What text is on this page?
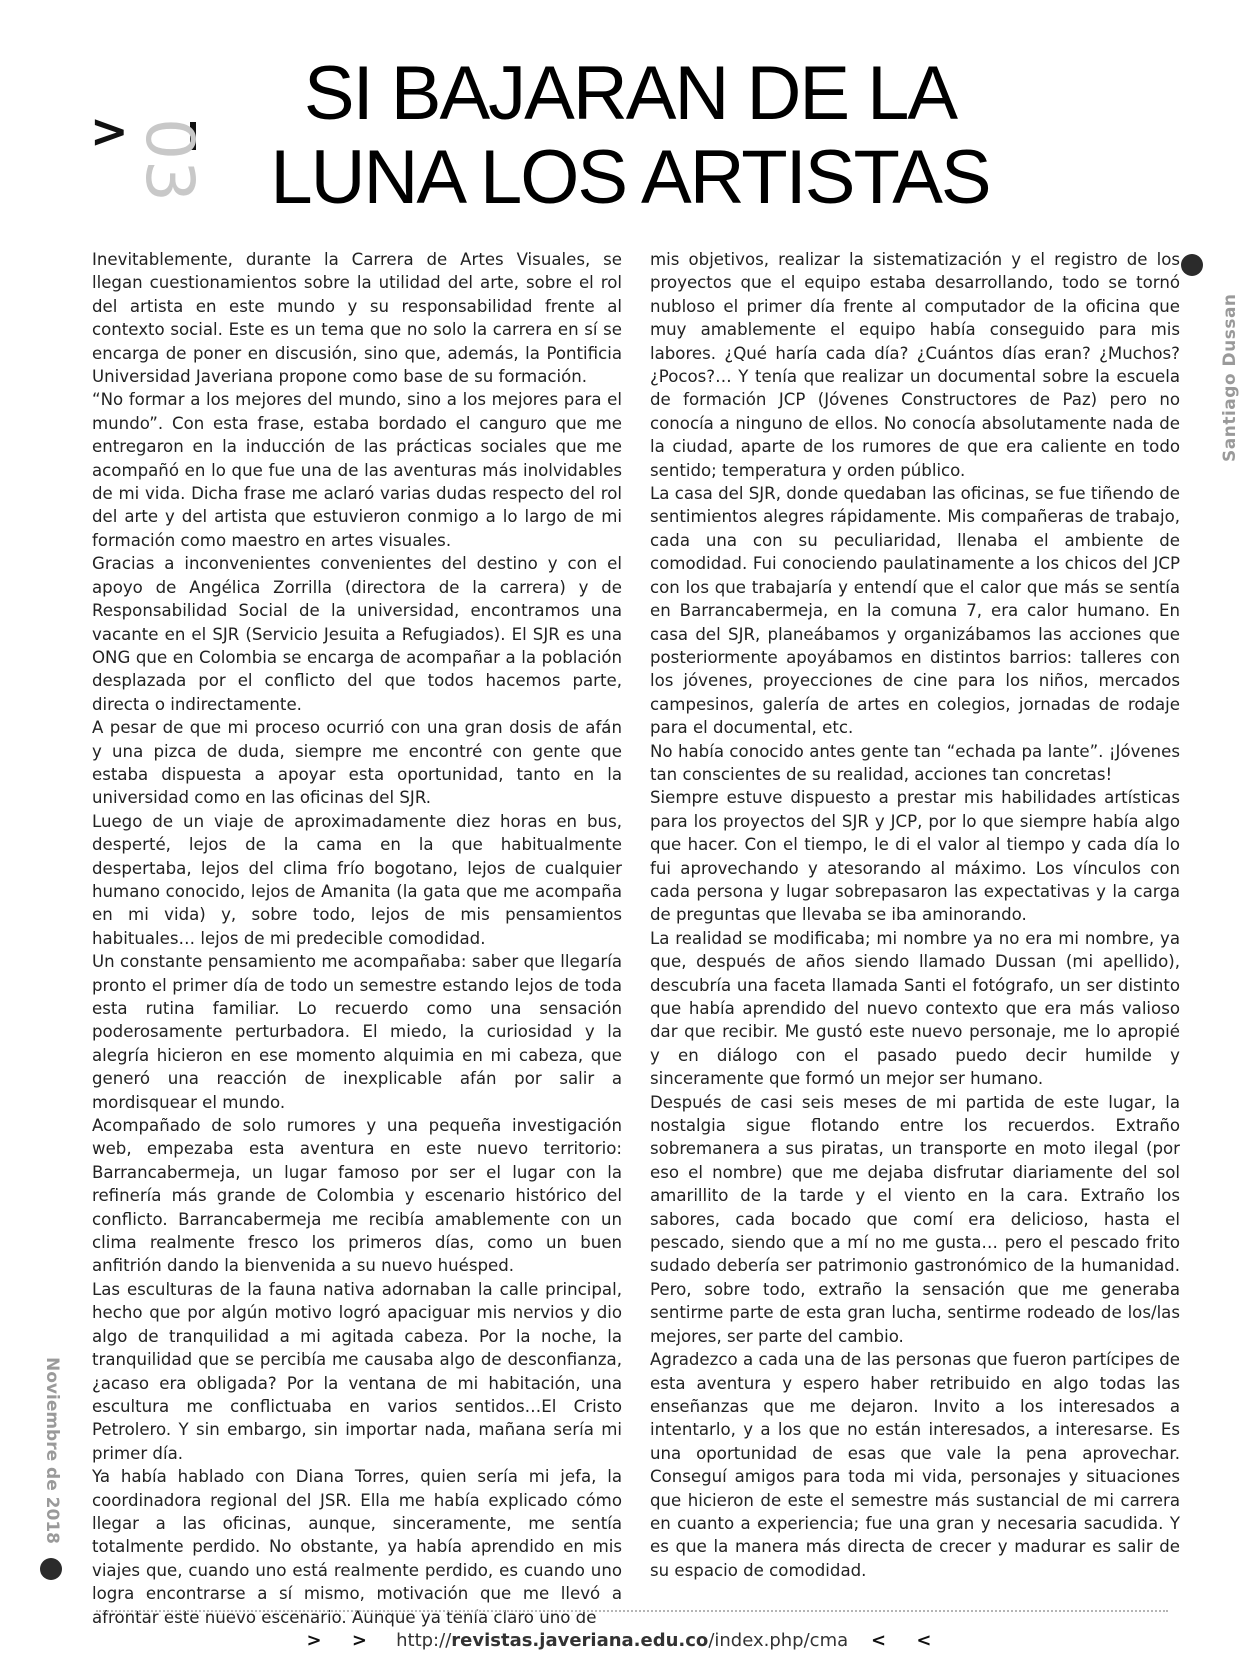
> 03
SI BAJARAN DE LA
LUNA LOS ARTISTAS
Santiago Dussan

Inevitablemente, durante la Carrera de Artes Visuales, se llegan cuestionamientos sobre la utilidad del arte, sobre el rol del artista en este mundo y su responsabilidad frente al contexto social. Este es un tema que no solo la carrera en sí se encarga de poner en discusión, sino que, además, la Pontificia Universidad Javeriana propone como base de su formación.

“No formar a los mejores del mundo, sino a los mejores para el mundo”. Con esta frase, estaba bordado el canguro que me entregaron en la inducción de las prácticas sociales que me acompañó en lo que fue una de las aventuras más inolvidables de mi vida. Dicha frase me aclaró varias dudas respecto del rol del arte y del artista que estuvieron conmigo a lo largo de mi formación como maestro en artes visuales.

Gracias a inconvenientes convenientes del destino y con el apoyo de Angélica Zorrilla (directora de la carrera) y de Responsabilidad Social de la universidad, encontramos una vacante en el SJR (Servicio Jesuita a Refugiados). El SJR es una ONG que en Colombia se encarga de acompañar a la población desplazada por el conflicto del que todos hacemos parte, directa o indirectamente.

A pesar de que mi proceso ocurrió con una gran dosis de afán y una pizca de duda, siempre me encontré con gente que estaba dispuesta a apoyar esta oportunidad, tanto en la universidad como en las oficinas del SJR.

Luego de un viaje de aproximadamente diez horas en bus, desperté, lejos de la cama en la que habitualmente despertaba, lejos del clima frío bogotano, lejos de cualquier humano conocido, lejos de Amanita (la gata que me acompaña en mi vida) y, sobre todo, lejos de mis pensamientos habituales… lejos de mi predecible comodidad.

Un constante pensamiento me acompañaba: saber que llegaría pronto el primer día de todo un semestre estando lejos de toda esta rutina familiar. Lo recuerdo como una sensación poderosamente perturbadora. El miedo, la curiosidad y la alegría hicieron en ese momento alquimia en mi cabeza, que generó una reacción de inexplicable afán por salir a mordisquear el mundo.

Acompañado de solo rumores y una pequeña investigación web, empezaba esta aventura en este nuevo territorio: Barrancabermeja, un lugar famoso por ser el lugar con la refinería más grande de Colombia y escenario histórico del conflicto. Barrancabermeja me recibía amablemente con un clima realmente fresco los primeros días, como un buen anfitrión dando la bienvenida a su nuevo huésped.

Las esculturas de la fauna nativa adornaban la calle principal, hecho que por algún motivo logró apaciguar mis nervios y dio algo de tranquilidad a mi agitada cabeza. Por la noche, la tranquilidad que se percibía me causaba algo de desconfianza, ¿acaso era obligada? Por la ventana de mi habitación, una escultura me conflictuaba en varios sentidos…El Cristo Petrolero. Y sin embargo, sin importar nada, mañana sería mi primer día.

Ya había hablado con Diana Torres, quien sería mi jefa, la coordinadora regional del JSR. Ella me había explicado cómo llegar a las oficinas, aunque, sinceramente, me sentía totalmente perdido. No obstante, ya había aprendido en mis viajes que, cuando uno está realmente perdido, es cuando uno logra encontrarse a sí mismo, motivación que me llevó a afrontar este nuevo escenario. Aunque ya tenía claro uno de

mis objetivos, realizar la sistematización y el registro de los proyectos que el equipo estaba desarrollando, todo se tornó nubloso el primer día frente al computador de la oficina que muy amablemente el equipo había conseguido para mis labores. ¿Qué haría cada día? ¿Cuántos días eran? ¿Muchos? ¿Pocos?… Y tenía que realizar un documental sobre la escuela de formación JCP (Jóvenes Constructores de Paz) pero no conocía a ninguno de ellos. No conocía absolutamente nada de la ciudad, aparte de los rumores de que era caliente en todo sentido; temperatura y orden público.

La casa del SJR, donde quedaban las oficinas, se fue tiñendo de sentimientos alegres rápidamente. Mis compañeras de trabajo, cada una con su peculiaridad, llenaba el ambiente de comodidad. Fui conociendo paulatinamente a los chicos del JCP con los que trabajaría y entendí que el calor que más se sentía en Barrancabermeja, en la comuna 7, era calor humano. En casa del SJR, planeábamos y organizábamos las acciones que posteriormente apoyábamos en distintos barrios: talleres con los jóvenes, proyecciones de cine para los niños, mercados campesinos, galería de artes en colegios, jornadas de rodaje para el documental, etc.

No había conocido antes gente tan “echada pa lante”. ¡Jóvenes tan conscientes de su realidad, acciones tan concretas!

Siempre estuve dispuesto a prestar mis habilidades artísticas para los proyectos del SJR y JCP, por lo que siempre había algo que hacer. Con el tiempo, le di el valor al tiempo y cada día lo fui aprovechando y atesorando al máximo. Los vínculos con cada persona y lugar sobrepasaron las expectativas y la carga de preguntas que llevaba se iba aminorando.

La realidad se modificaba; mi nombre ya no era mi nombre, ya que, después de años siendo llamado Dussan (mi apellido), descubría una faceta llamada Santi el fotógrafo, un ser distinto que había aprendido del nuevo contexto que era más valioso dar que recibir. Me gustó este nuevo personaje, me lo apropié y en diálogo con el pasado puedo decir humilde y sinceramente que formó un mejor ser humano.

Después de casi seis meses de mi partida de este lugar, la nostalgia sigue flotando entre los recuerdos. Extraño sobremanera a sus piratas, un transporte en moto ilegal (por eso el nombre) que me dejaba disfrutar diariamente del sol amarillito de la tarde y el viento en la cara. Extraño los sabores, cada bocado que comí era delicioso, hasta el pescado, siendo que a mí no me gusta… pero el pescado frito sudado debería ser patrimonio gastronómico de la humanidad. Pero, sobre todo, extraño la sensación que me generaba sentirme parte de esta gran lucha, sentirme rodeado de los/las mejores, ser parte del cambio.

Agradezco a cada una de las personas que fueron partícipes de esta aventura y espero haber retribuido en algo todas las enseñanzas que me dejaron. Invito a los interesados a intentarlo, y a los que no están interesados, a interesarse. Es una oportunidad de esas que vale la pena aprovechar. Conseguí amigos para toda mi vida, personajes y situaciones que hicieron de este el semestre más sustancial de mi carrera en cuanto a experiencia; fue una gran y necesaria sacudida. Y es que la manera más directa de crecer y madurar es salir de su espacio de comodidad.

Noviembre de 2018
> > http://revistas.javeriana.edu.co/index.php/cma < <
